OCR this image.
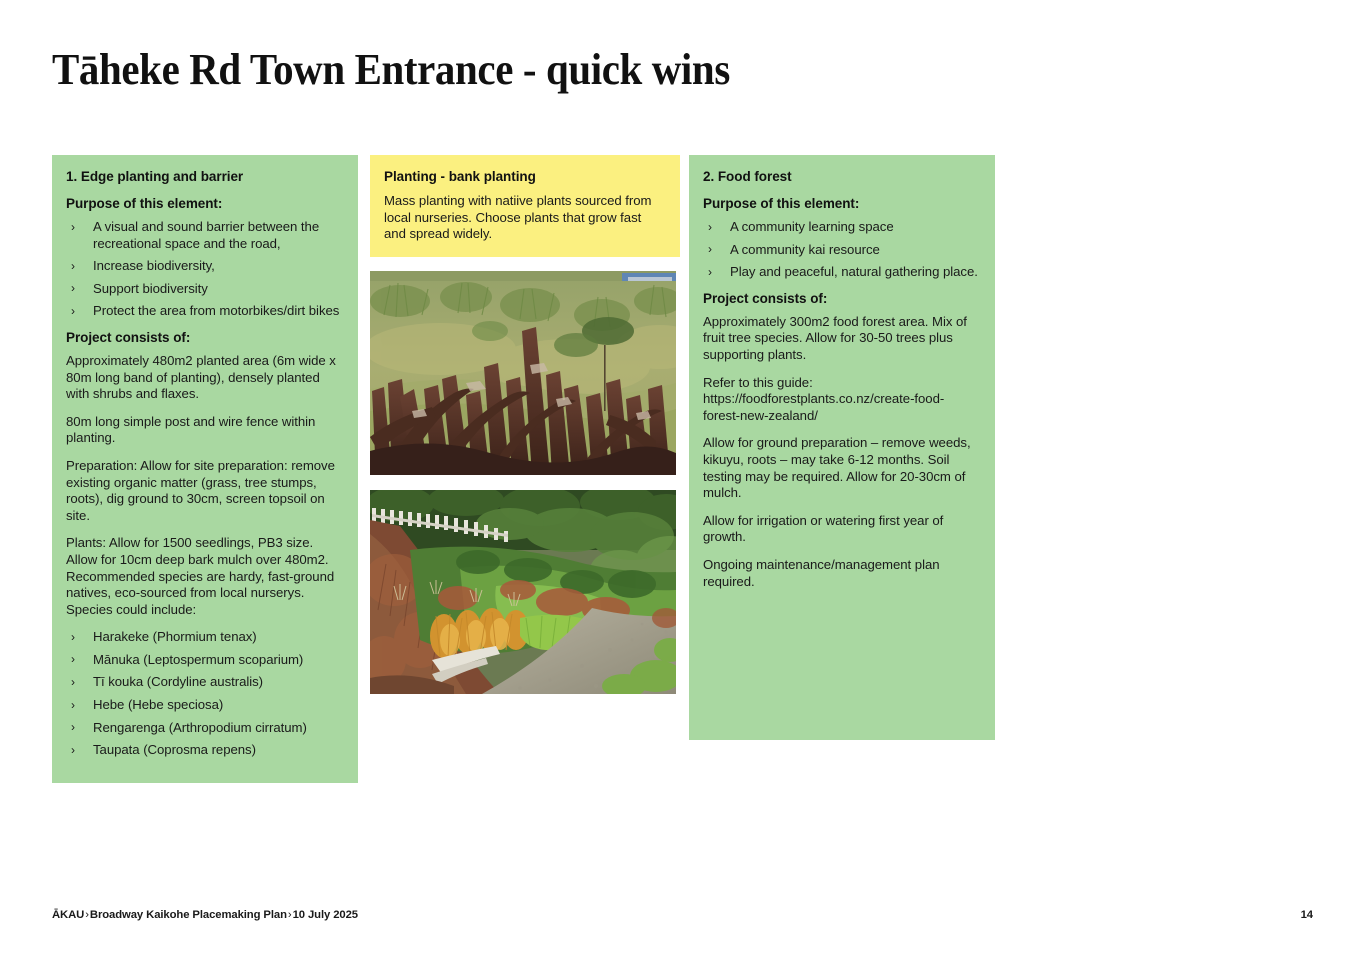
Tāheke Rd Town Entrance - quick wins
1. Edge planting and barrier
Purpose of this element:
› A visual and sound barrier between the recreational space and the road,
› Increase biodiversity,
› Support biodiversity
› Protect the area from motorbikes/dirt bikes
Project consists of:

Approximately 480m2 planted area (6m wide x 80m long band of planting), densely planted with shrubs and flaxes.

80m long simple post and wire fence within planting.

Preparation: Allow for site preparation: remove existing organic matter (grass, tree stumps, roots), dig ground to 30cm, screen topsoil on site.

Plants: Allow for 1500 seedlings, PB3 size. Allow for 10cm deep bark mulch over 480m2. Recommended species are hardy, fast-ground natives, eco-sourced from local nurserys. Species could include:

› Harakeke (Phormium tenax)
› Mānuka (Leptospermum scoparium)
› Tī kouka (Cordyline australis)
› Hebe (Hebe speciosa)
› Rengarenga (Arthropodium cirratum)
› Taupata (Coprosma repens)
Planting - bank planting

Mass planting with natiive plants sourced from local nurseries. Choose plants that grow fast and spread widely.

2. Food forest
Purpose of this element:
› A community learning space
› A community kai resource
› Play and peaceful, natural gathering place.
Project consists of:

Approximately 300m2 food forest area. Mix of fruit tree species. Allow for 30-50 trees plus supporting plants.

Refer to this guide: https://foodforestplants.co.nz/create-food-forest-new-zealand/

Allow for ground preparation – remove weeds, kikuyu, roots – may take 6-12 months. Soil testing may be required. Allow for 20-30cm of mulch.

Allow for irrigation or watering first year of growth.

Ongoing maintenance/management plan required.

ĀKAU›Broadway Kaikohe Placemaking Plan›10 July 2025	14
